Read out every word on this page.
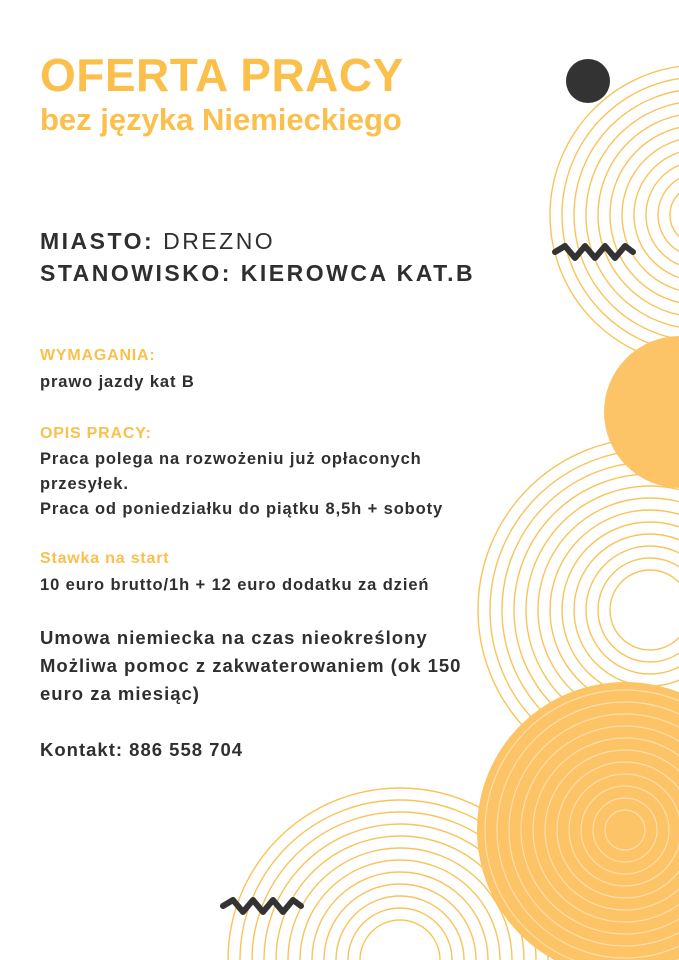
OFERTA PRACY
bez języka Niemieckiego
MIASTO: DREZNO
STANOWISKO: KIEROWCA KAT.B
WYMAGANIA:
prawo jazdy kat B
OPIS PRACY:
Praca polega na rozwożeniu już opłaconych
przesyłek.
Praca od poniedziałku do piątku 8,5h + soboty
Stawka na start
10 euro brutto/1h + 12 euro dodatku za dzień
Umowa niemiecka na czas nieokreślony
Możliwa pomoc z zakwaterowaniem (ok 150
euro za miesiąc)
Kontakt: 886 558 704
